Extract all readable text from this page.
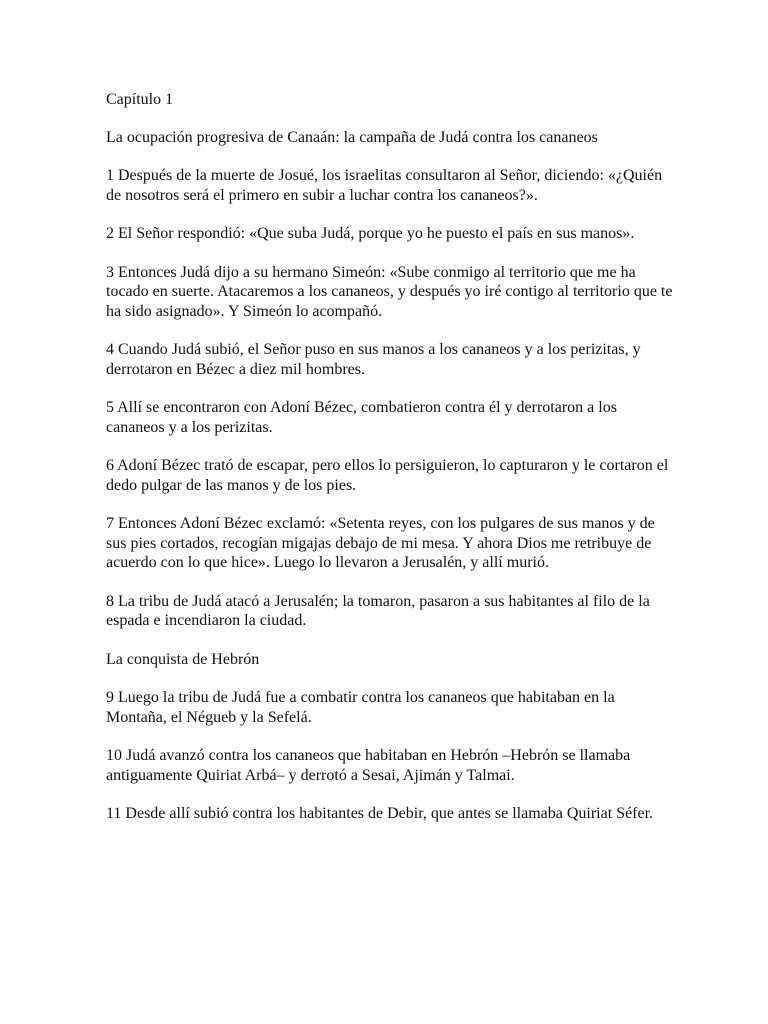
Capítulo 1

La ocupación progresiva de Canaán: la campaña de Judá contra los cananeos

1 Después de la muerte de Josué, los israelitas consultaron al Señor, diciendo: «¿Quién de nosotros será el primero en subir a luchar contra los cananeos?».

2 El Señor respondió: «Que suba Judá, porque yo he puesto el país en sus manos».

3 Entonces Judá dijo a su hermano Simeón: «Sube conmigo al territorio que me ha tocado en suerte. Atacaremos a los cananeos, y después yo iré contigo al territorio que te ha sido asignado». Y Simeón lo acompañó.

4 Cuando Judá subió, el Señor puso en sus manos a los cananeos y a los perizitas, y derrotaron en Bézec a diez mil hombres.

5 Allí se encontraron con Adoní Bézec, combatieron contra él y derrotaron a los cananeos y a los perizitas.

6 Adoní Bézec trató de escapar, pero ellos lo persiguieron, lo capturaron y le cortaron el dedo pulgar de las manos y de los pies.

7 Entonces Adoní Bézec exclamó: «Setenta reyes, con los pulgares de sus manos y de sus pies cortados, recogían migajas debajo de mi mesa. Y ahora Dios me retribuye de acuerdo con lo que hice». Luego lo llevaron a Jerusalén, y allí murió.

8 La tribu de Judá atacó a Jerusalén; la tomaron, pasaron a sus habitantes al filo de la espada e incendiaron la ciudad.

La conquista de Hebrón

9 Luego la tribu de Judá fue a combatir contra los cananeos que habitaban en la Montaña, el Négueb y la Sefelá.

10 Judá avanzó contra los cananeos que habitaban en Hebrón –Hebrón se llamaba antiguamente Quiriat Arbá– y derrotó a Sesai, Ajimán y Talmai.

11 Desde allí subió contra los habitantes de Debir, que antes se llamaba Quiriat Séfer.
